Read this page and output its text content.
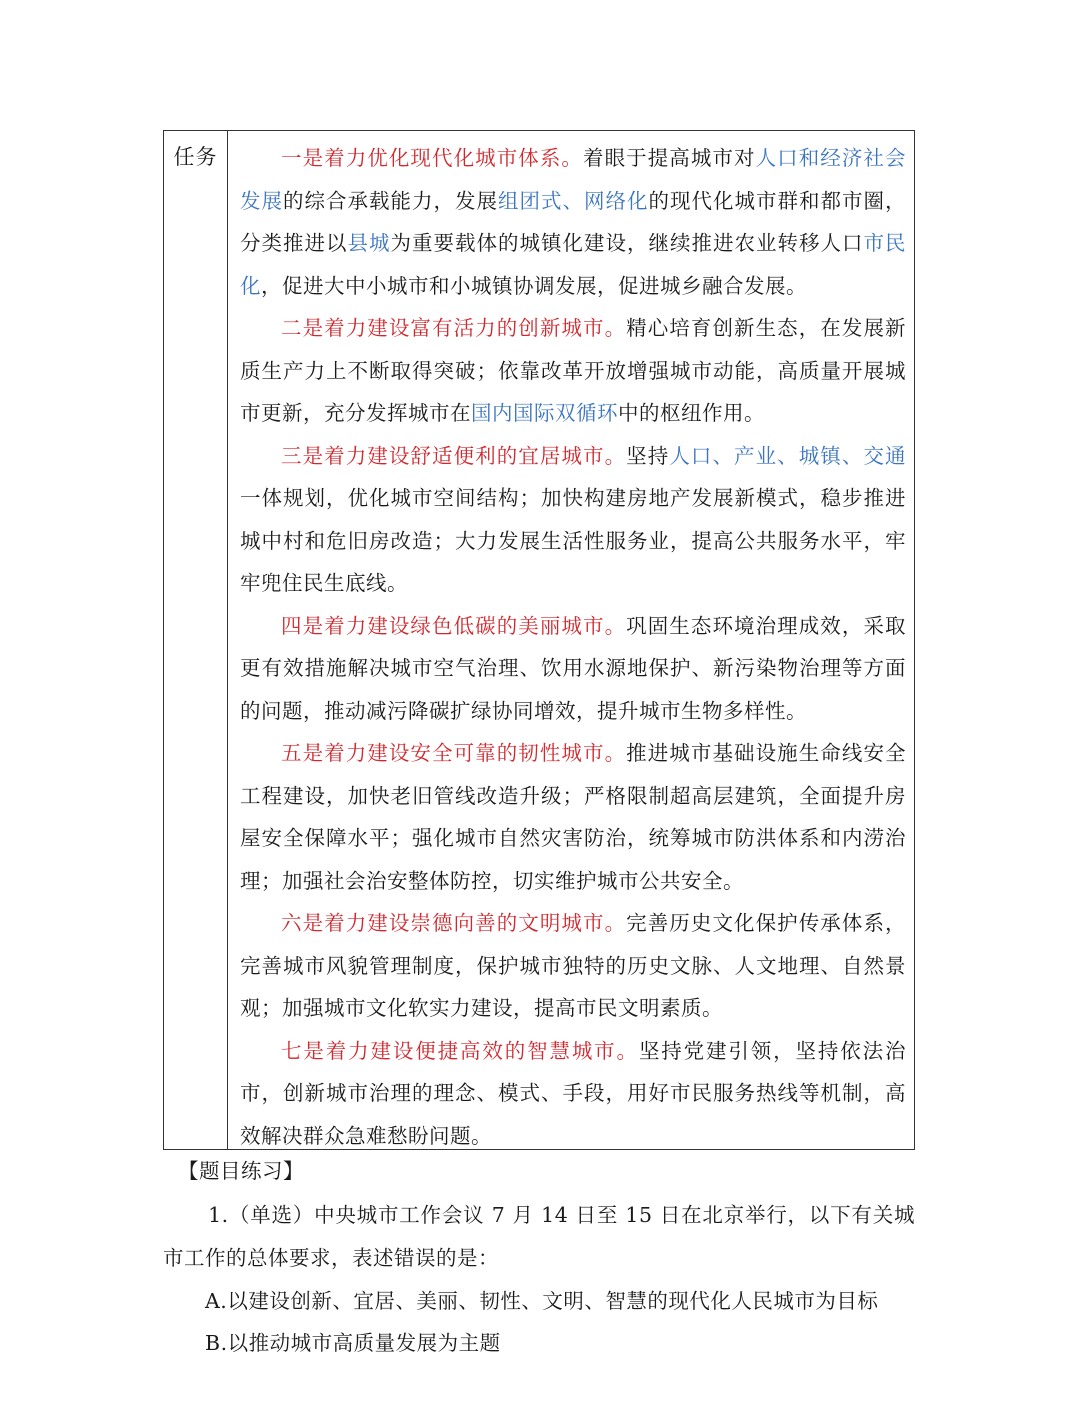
任务	一是着力优化现代化城市体系。着眼于提高城市对人口和经济社会发展的综合承载能力，发展组团式、网络化的现代化城市群和都市圈，分类推进以县城为重要载体的城镇化建设，继续推进农业转移人口市民化，促进大中小城市和小城镇协调发展，促进城乡融合发展。

二是着力建设富有活力的创新城市。精心培育创新生态，在发展新质生产力上不断取得突破；依靠改革开放增强城市动能，高质量开展城市更新，充分发挥城市在国内国际双循环中的枢纽作用。

三是着力建设舒适便利的宜居城市。坚持人口、产业、城镇、交通一体规划，优化城市空间结构；加快构建房地产发展新模式，稳步推进城中村和危旧房改造；大力发展生活性服务业，提高公共服务水平，牢牢兜住民生底线。

四是着力建设绿色低碳的美丽城市。巩固生态环境治理成效，采取更有效措施解决城市空气治理、饮用水源地保护、新污染物治理等方面的问题，推动减污降碳扩绿协同增效，提升城市生物多样性。

五是着力建设安全可靠的韧性城市。推进城市基础设施生命线安全工程建设，加快老旧管线改造升级；严格限制超高层建筑，全面提升房屋安全保障水平；强化城市自然灾害防治，统筹城市防洪体系和内涝治理；加强社会治安整体防控，切实维护城市公共安全。

六是着力建设崇德向善的文明城市。完善历史文化保护传承体系，完善城市风貌管理制度，保护城市独特的历史文脉、人文地理、自然景观；加强城市文化软实力建设，提高市民文明素质。

七是着力建设便捷高效的智慧城市。坚持党建引领，坚持依法治市，创新城市治理的理念、模式、手段，用好市民服务热线等机制，高效解决群众急难愁盼问题。

【题目练习】
1.（单选）中央城市工作会议 7 月 14 日至 15 日在北京举行，以下有关城市工作的总体要求，表述错误的是：
A.以建设创新、宜居、美丽、韧性、文明、智慧的现代化人民城市为目标
B.以推动城市高质量发展为主题
